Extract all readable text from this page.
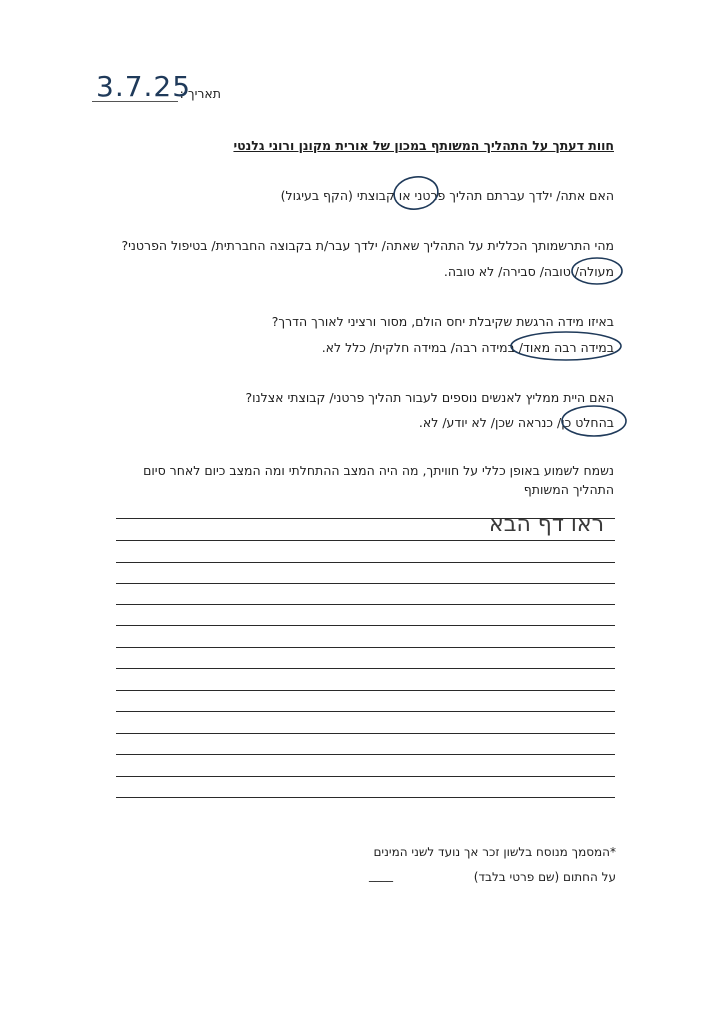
תאריך :
3.7.25
חוות דעתך על התהליך המשותף במכון של אורית מקונן ורוני גלנטי
האם אתה/ ילדך עברתם תהליך פרטני או קבוצתי (הקף בעיגול)
מהי התרשמותך הכללית על התהליך שאתה/ ילדך עבר/ת בקבוצה החברתית/ בטיפול הפרטני?
מעולה/ טובה/ סבירה/ לא טובה.
באיזו מידה הרגשת שקיבלת יחס הולם, מסור ורציני לאורך הדרך?
במידה רבה מאוד/ במידה רבה/ במידה חלקית/ כלל לא.
האם היית ממליץ לאנשים נוספים לעבור תהליך פרטני/ קבוצתי אצלנו?
בהחלט כן/ כנראה שכן/ לא יודע/ לא.
נשמח לשמוע באופן כללי על חוויתך, מה היה המצב ההתחלתי ומה המצב כיום לאחר סיום
התהליך המשותף
ראו דף הבא
*המסמך מנוסח בלשון זכר אך נועד לשני המינים
על החתום (שם פרטי בלבד)
____
